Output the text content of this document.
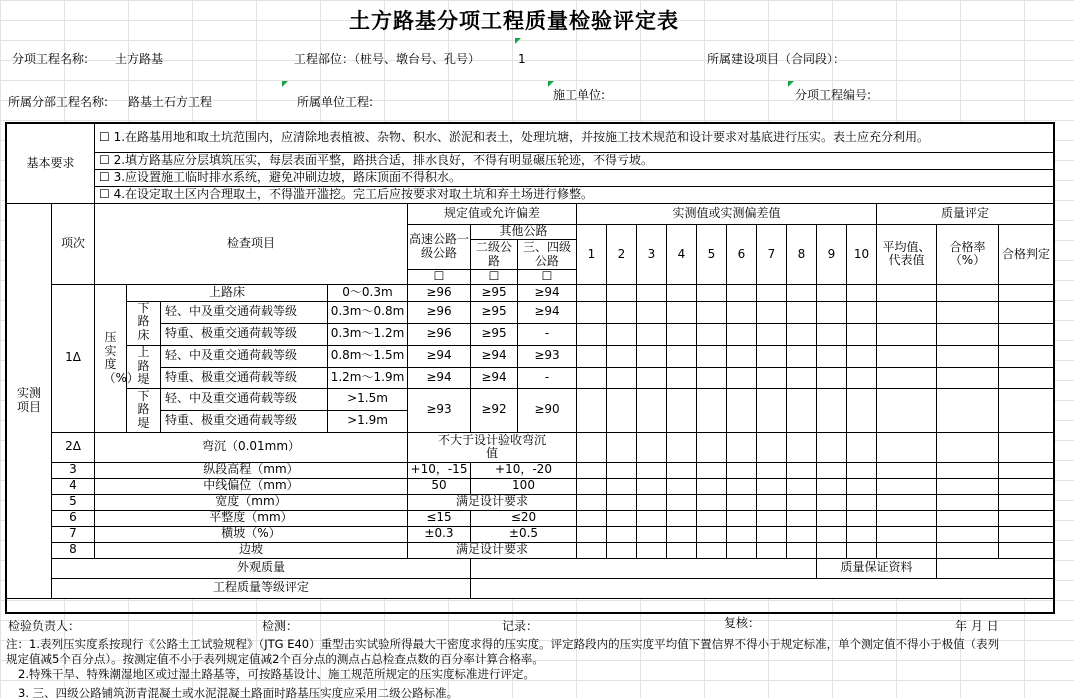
土方路基分项工程质量检验评定表
分项工程名称: 土方路基	工程部位：（桩号、墩台号、孔号）	1	所属建设项目（合同段）：
所属分部工程名称: 路基土石方工程	所属单位工程:	施工单位:	分项工程编号:
基本要求		☐ 1.在路基用地和取土坑范围内，应清除地表植被、杂物、积水、淤泥和表土，处理坑塘，并按施工技术规范和设计要求对基底进行压实。表土应充分利用。																			
		☐ 2.填方路基应分层填筑压实，每层表面平整，路拱合适，排水良好，不得有明显碾压轮迹，不得亏坡。																			
		☐ 3.应设置施工临时排水系统，避免冲刷边坡，路床顶面不得积水。																			
		☐ 4.在设定取土区内合理取土，不得滥开滥挖。完工后应按要求对取土坑和弃土场进行修整。																			
实测项目	项次	检查项目				规定值或允许偏差			实测值或实测偏差值										质量评定		
						高速公路一级公路	其他公路		1	2	3	4	5	6	7	8	9	10	平均值、代表值	合格率（%）	合格判定
							二级公路	三、四级公路													
						☐	☐	☐													
	1Δ	压实度（%）	上路床		0～0.3m	≥96	≥95	≥94													
			下路床	轻、中及重交通荷载等级	0.3m～0.8m	≥96	≥95	≥94													
				特重、极重交通荷载等级	0.3m～1.2m	≥96	≥95	-													
			上路堤	轻、中及重交通荷载等级	0.8m～1.5m	≥94	≥94	≥93													
				特重、极重交通荷载等级	1.2m～1.9m	≥94	≥94	-													
			下路堤	轻、中及重交通荷载等级	>1.5m	≥93	≥92	≥90													
				特重、极重交通荷载等级	>1.9m																
	2Δ	弯沉（0.01mm）				不大于设计验收弯沉值															
	3	纵段高程（mm）				+10，-15	+10，-20														
	4	中线偏位（mm）				50	100														
	5	宽度（mm）				满足设计要求															
	6	平整度（mm）				≤15	≤20														
	7	横坡（%）				±0.3	±0.5														
	8	边坡				满足设计要求															
	外观质量																质量保证资料				
	工程质量等级评定																				
检验负责人：	检测：	记录：	复核：	年 月 日
注：1.表列压实度系按现行《公路土工试验规程》（JTG E40）重型击实试验所得最大干密度求得的压实度。评定路段内的压实度平均值下置信界不得小于规定标准，单个测定值不得小于极值（表列
规定值减5个百分点）。按测定值不小于表列规定值减2个百分点的测点占总检查点数的百分率计算合格率。
2.特殊干旱、特殊潮湿地区或过湿土路基等，可按路基设计、施工规范所规定的压实度标准进行评定。
3. 三、四级公路铺筑沥青混凝土或水泥混凝土路面时路基压实度应采用二级公路标准。
